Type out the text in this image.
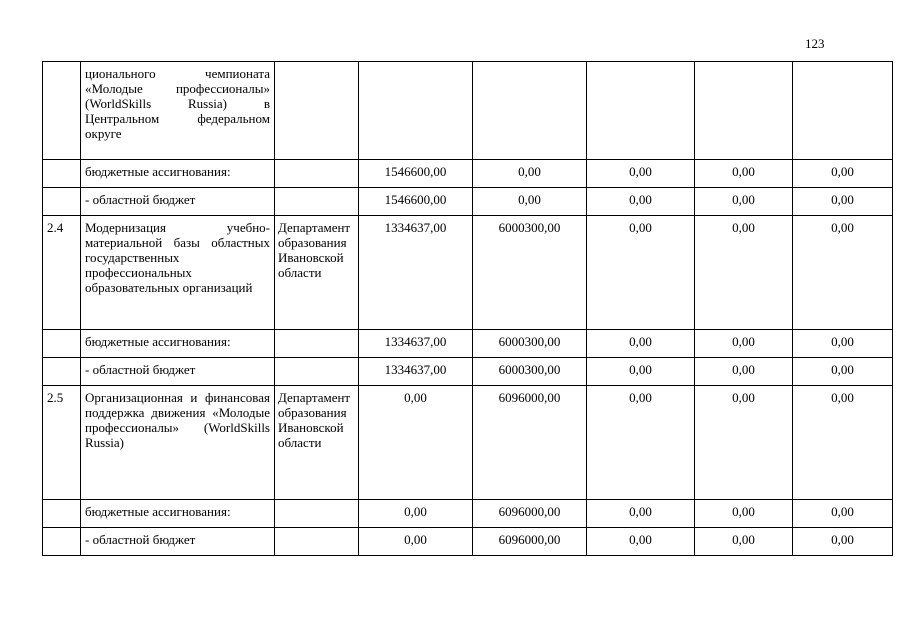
123
	ционального чемпионата «Молодые профессионалы» (WorldSkills Russia) в Центральном федеральном округе						
	бюджетные ассигнования:		1546600,00	0,00	0,00	0,00	0,00
	- областной бюджет		1546600,00	0,00	0,00	0,00	0,00
2.4	Модернизация учебно-материальной базы областных государственных профессиональных образовательных организаций	Департамент образования Ивановской области	1334637,00	6000300,00	0,00	0,00	0,00
	бюджетные ассигнования:		1334637,00	6000300,00	0,00	0,00	0,00
	- областной бюджет		1334637,00	6000300,00	0,00	0,00	0,00
2.5	Организационная и финансовая поддержка движения «Молодые профессионалы» (WorldSkills Russia)	Департамент образования Ивановской области	0,00	6096000,00	0,00	0,00	0,00
	бюджетные ассигнования:		0,00	6096000,00	0,00	0,00	0,00
	- областной бюджет		0,00	6096000,00	0,00	0,00	0,00
